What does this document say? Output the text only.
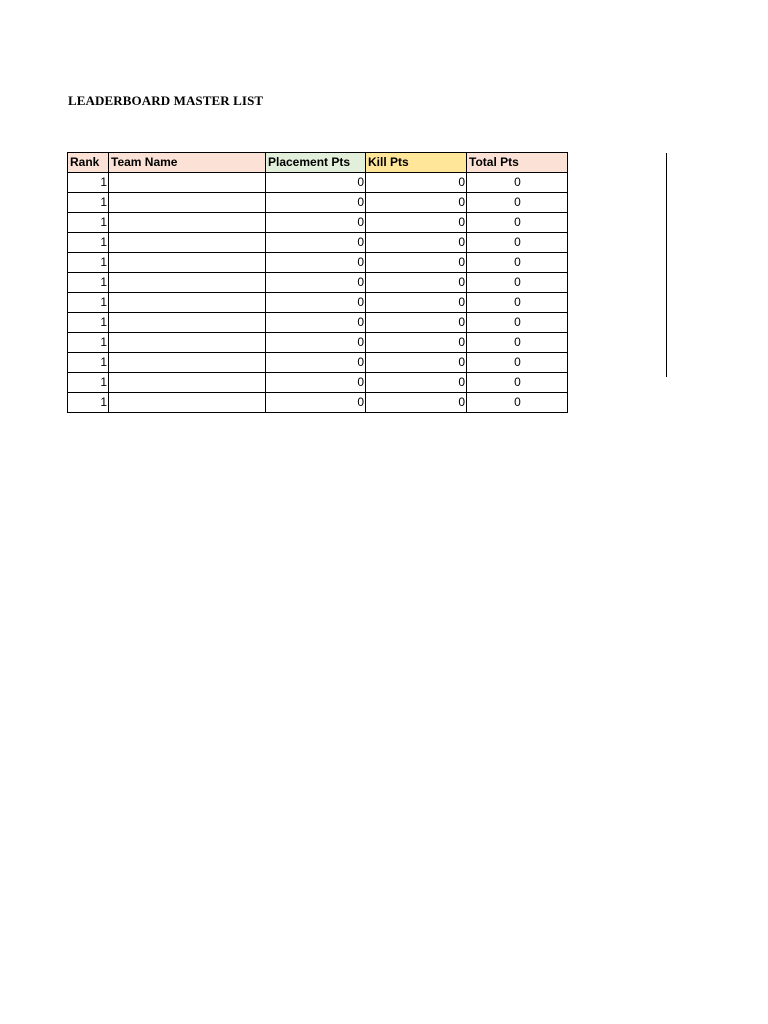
LEADERBOARD MASTER LIST
Rank	Team Name	Placement Pts	Kill Pts	Total Pts
1		0	0	0
1		0	0	0
1		0	0	0
1		0	0	0
1		0	0	0
1		0	0	0
1		0	0	0
1		0	0	0
1		0	0	0
1		0	0	0
1		0	0	0
1		0	0	0
